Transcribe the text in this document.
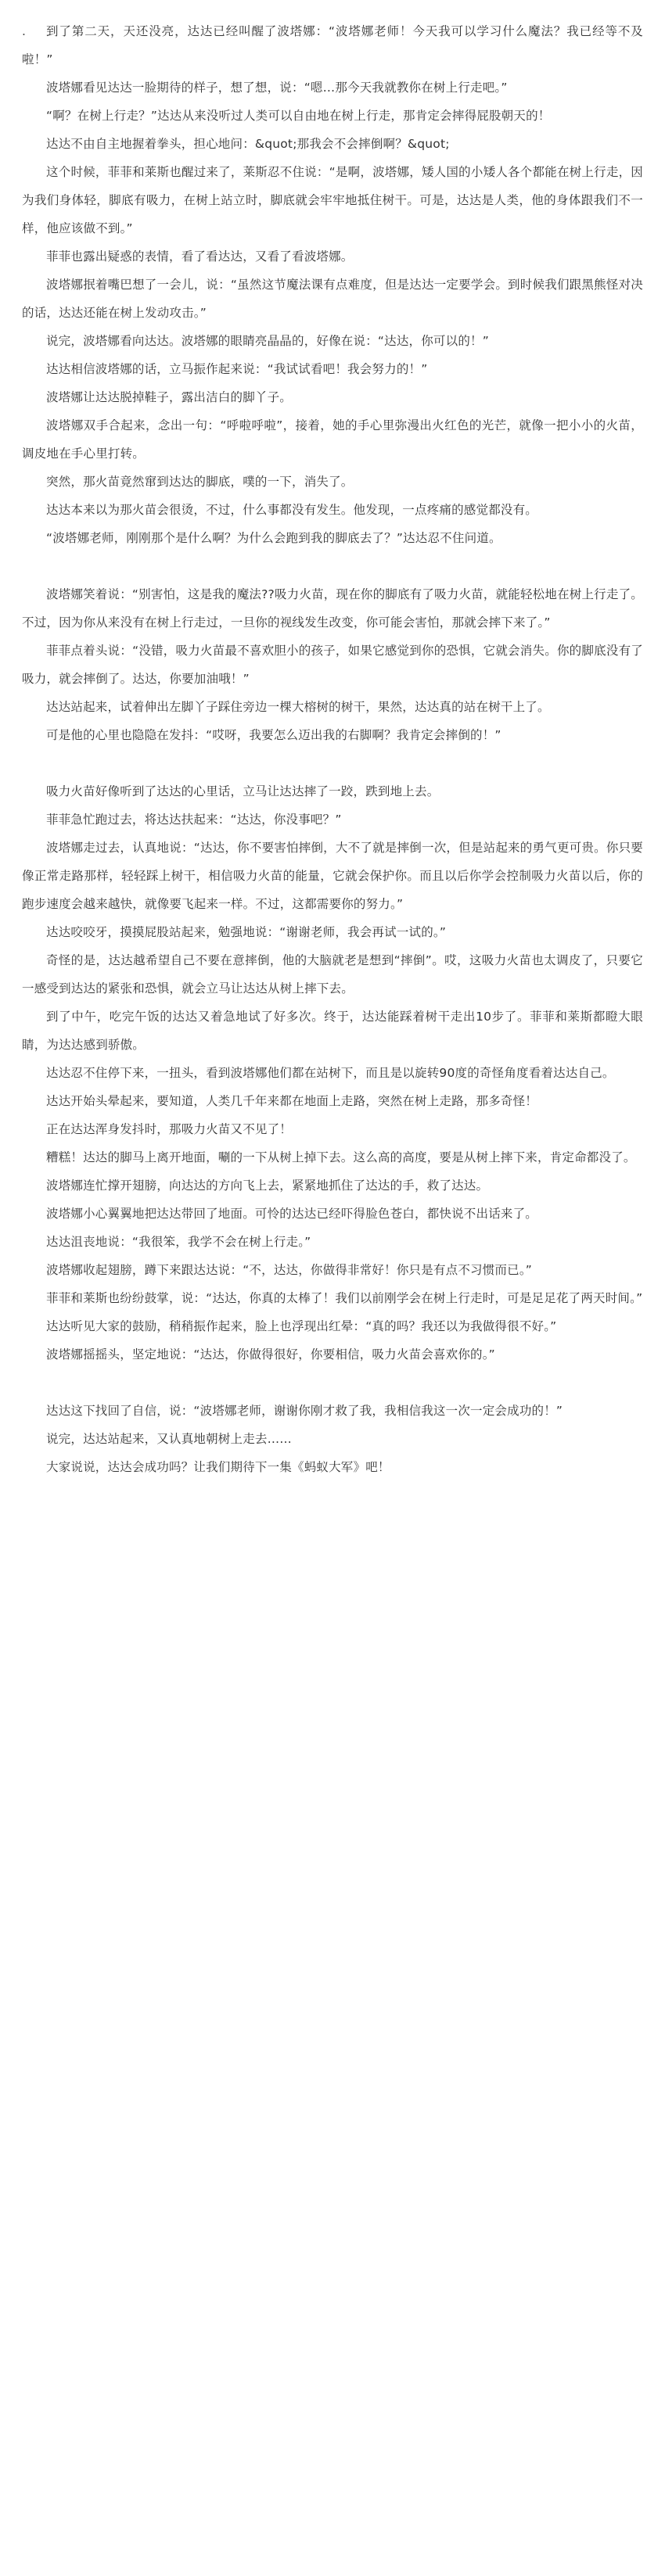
.	到了第二天，天还没亮，达达已经叫醒了波塔娜：“波塔娜老师！今天我可以学习什么魔法？我已经等不及啦！”

波塔娜看见达达一脸期待的样子，想了想，说：“嗯…那今天我就教你在树上行走吧。”

“啊？在树上行走？”达达从来没听过人类可以自由地在树上行走，那肯定会摔得屁股朝天的！

达达不由自主地握着拳头，担心地问：&quot;那我会不会摔倒啊？&quot;

这个时候，菲菲和莱斯也醒过来了，莱斯忍不住说：“是啊，波塔娜，矮人国的小矮人各个都能在树上行走，因为我们身体轻，脚底有吸力，在树上站立时，脚底就会牢牢地抵住树干。可是，达达是人类，他的身体跟我们不一样，他应该做不到。”

菲菲也露出疑惑的表情，看了看达达，又看了看波塔娜。

波塔娜抿着嘴巴想了一会儿，说：“虽然这节魔法课有点难度，但是达达一定要学会。到时候我们跟黑熊怪对决的话，达达还能在树上发动攻击。”

说完，波塔娜看向达达。波塔娜的眼睛亮晶晶的，好像在说：“达达，你可以的！”

达达相信波塔娜的话，立马振作起来说：“我试试看吧！我会努力的！”

波塔娜让达达脱掉鞋子，露出洁白的脚丫子。

波塔娜双手合起来，念出一句：“呼啦呼啦”，接着，她的手心里弥漫出火红色的光芒，就像一把小小的火苗，调皮地在手心里打转。

突然，那火苗竟然窜到达达的脚底，噗的一下，消失了。

达达本来以为那火苗会很烫，不过，什么事都没有发生。他发现，一点疼痛的感觉都没有。

“波塔娜老师，刚刚那个是什么啊？为什么会跑到我的脚底去了？”达达忍不住问道。

波塔娜笑着说：“别害怕，这是我的魔法??吸力火苗，现在你的脚底有了吸力火苗，就能轻松地在树上行走了。不过，因为你从来没有在树上行走过，一旦你的视线发生改变，你可能会害怕，那就会摔下来了。”

菲菲点着头说：“没错，吸力火苗最不喜欢胆小的孩子，如果它感觉到你的恐惧，它就会消失。你的脚底没有了吸力，就会摔倒了。达达，你要加油哦！”

达达站起来，试着伸出左脚丫子踩住旁边一棵大榕树的树干，果然，达达真的站在树干上了。

可是他的心里也隐隐在发抖：“哎呀，我要怎么迈出我的右脚啊？我肯定会摔倒的！”

吸力火苗好像听到了达达的心里话，立马让达达摔了一跤，跌到地上去。

菲菲急忙跑过去，将达达扶起来：“达达，你没事吧？”

波塔娜走过去，认真地说：“达达，你不要害怕摔倒，大不了就是摔倒一次，但是站起来的勇气更可贵。你只要像正常走路那样，轻轻踩上树干，相信吸力火苗的能量，它就会保护你。而且以后你学会控制吸力火苗以后，你的跑步速度会越来越快，就像要飞起来一样。不过，这都需要你的努力。”

达达咬咬牙，摸摸屁股站起来，勉强地说：“谢谢老师，我会再试一试的。”

奇怪的是，达达越希望自己不要在意摔倒，他的大脑就老是想到“摔倒”。哎，这吸力火苗也太调皮了，只要它一感受到达达的紧张和恐惧，就会立马让达达从树上摔下去。

到了中午，吃完午饭的达达又着急地试了好多次。终于，达达能踩着树干走出10步了。菲菲和莱斯都瞪大眼睛，为达达感到骄傲。

达达忍不住停下来，一扭头，看到波塔娜他们都在站树下，而且是以旋转90度的奇怪角度看着达达自己。

达达开始头晕起来，要知道，人类几千年来都在地面上走路，突然在树上走路，那多奇怪！

正在达达浑身发抖时，那吸力火苗又不见了！

糟糕！达达的脚马上离开地面，唰的一下从树上掉下去。这么高的高度，要是从树上摔下来，肯定命都没了。

波塔娜连忙撑开翅膀，向达达的方向飞上去，紧紧地抓住了达达的手，救了达达。

波塔娜小心翼翼地把达达带回了地面。可怜的达达已经吓得脸色苍白，都快说不出话来了。

达达沮丧地说：“我很笨，我学不会在树上行走。”

波塔娜收起翅膀，蹲下来跟达达说：“不，达达，你做得非常好！你只是有点不习惯而已。”

菲菲和莱斯也纷纷鼓掌，说：“达达，你真的太棒了！我们以前刚学会在树上行走时，可是足足花了两天时间。”

达达听见大家的鼓励，稍稍振作起来，脸上也浮现出红晕：“真的吗？我还以为我做得很不好。”

波塔娜摇摇头，坚定地说：“达达，你做得很好，你要相信，吸力火苗会喜欢你的。”

达达这下找回了自信，说：“波塔娜老师，谢谢你刚才救了我，我相信我这一次一定会成功的！”

说完，达达站起来，又认真地朝树上走去……

大家说说，达达会成功吗？让我们期待下一集《蚂蚁大军》吧！
